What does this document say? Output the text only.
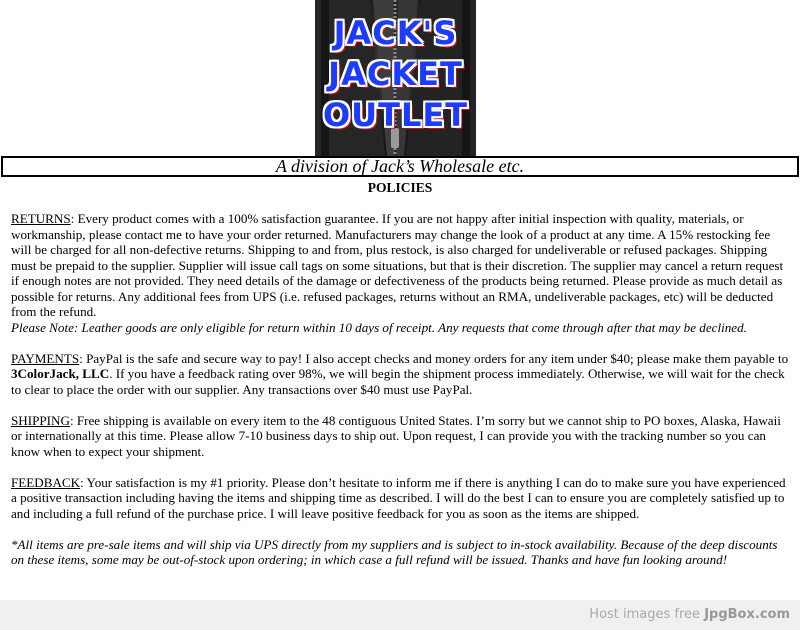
JACK'S
JACKET
OUTLET
A division of Jack’s Wholesale etc.
POLICIES

RETURNS: Every product comes with a 100% satisfaction guarantee. If you are not happy after initial inspection with quality, materials, or workmanship, please contact me to have your order returned. Manufacturers may change the look of a product at any time. A 15% restocking fee will be charged for all non-defective returns. Shipping to and from, plus restock, is also charged for undeliverable or refused packages. Shipping must be prepaid to the supplier. Supplier will issue call tags on some situations, but that is their discretion. The supplier may cancel a return request if enough notes are not provided. They need details of the damage or defectiveness of the products being returned. Please provide as much detail as possible for returns. Any additional fees from UPS (i.e. refused packages, returns without an RMA, undeliverable packages, etc) will be deducted from the refund.

Please Note: Leather goods are only eligible for return within 10 days of receipt. Any requests that come through after that may be declined.

PAYMENTS: PayPal is the safe and secure way to pay! I also accept checks and money orders for any item under $40; please make them payable to 3ColorJack, LLC. If you have a feedback rating over 98%, we will begin the shipment process immediately. Otherwise, we will wait for the check to clear to place the order with our supplier. Any transactions over $40 must use PayPal.

SHIPPING: Free shipping is available on every item to the 48 contiguous United States. I’m sorry but we cannot ship to PO boxes, Alaska, Hawaii or internationally at this time. Please allow 7-10 business days to ship out. Upon request, I can provide you with the tracking number so you can know when to expect your shipment.

FEEDBACK: Your satisfaction is my #1 priority. Please don’t hesitate to inform me if there is anything I can do to make sure you have experienced a positive transaction including having the items and shipping time as described. I will do the best I can to ensure you are completely satisfied up to and including a full refund of the purchase price. I will leave positive feedback for you as soon as the items are shipped.

*All items are pre-sale items and will ship via UPS directly from my suppliers and is subject to in-stock availability. Because of the deep discounts on these items, some may be out-of-stock upon ordering; in which case a full refund will be issued. Thanks and have fun looking around!

Host images free JpgBox.com
